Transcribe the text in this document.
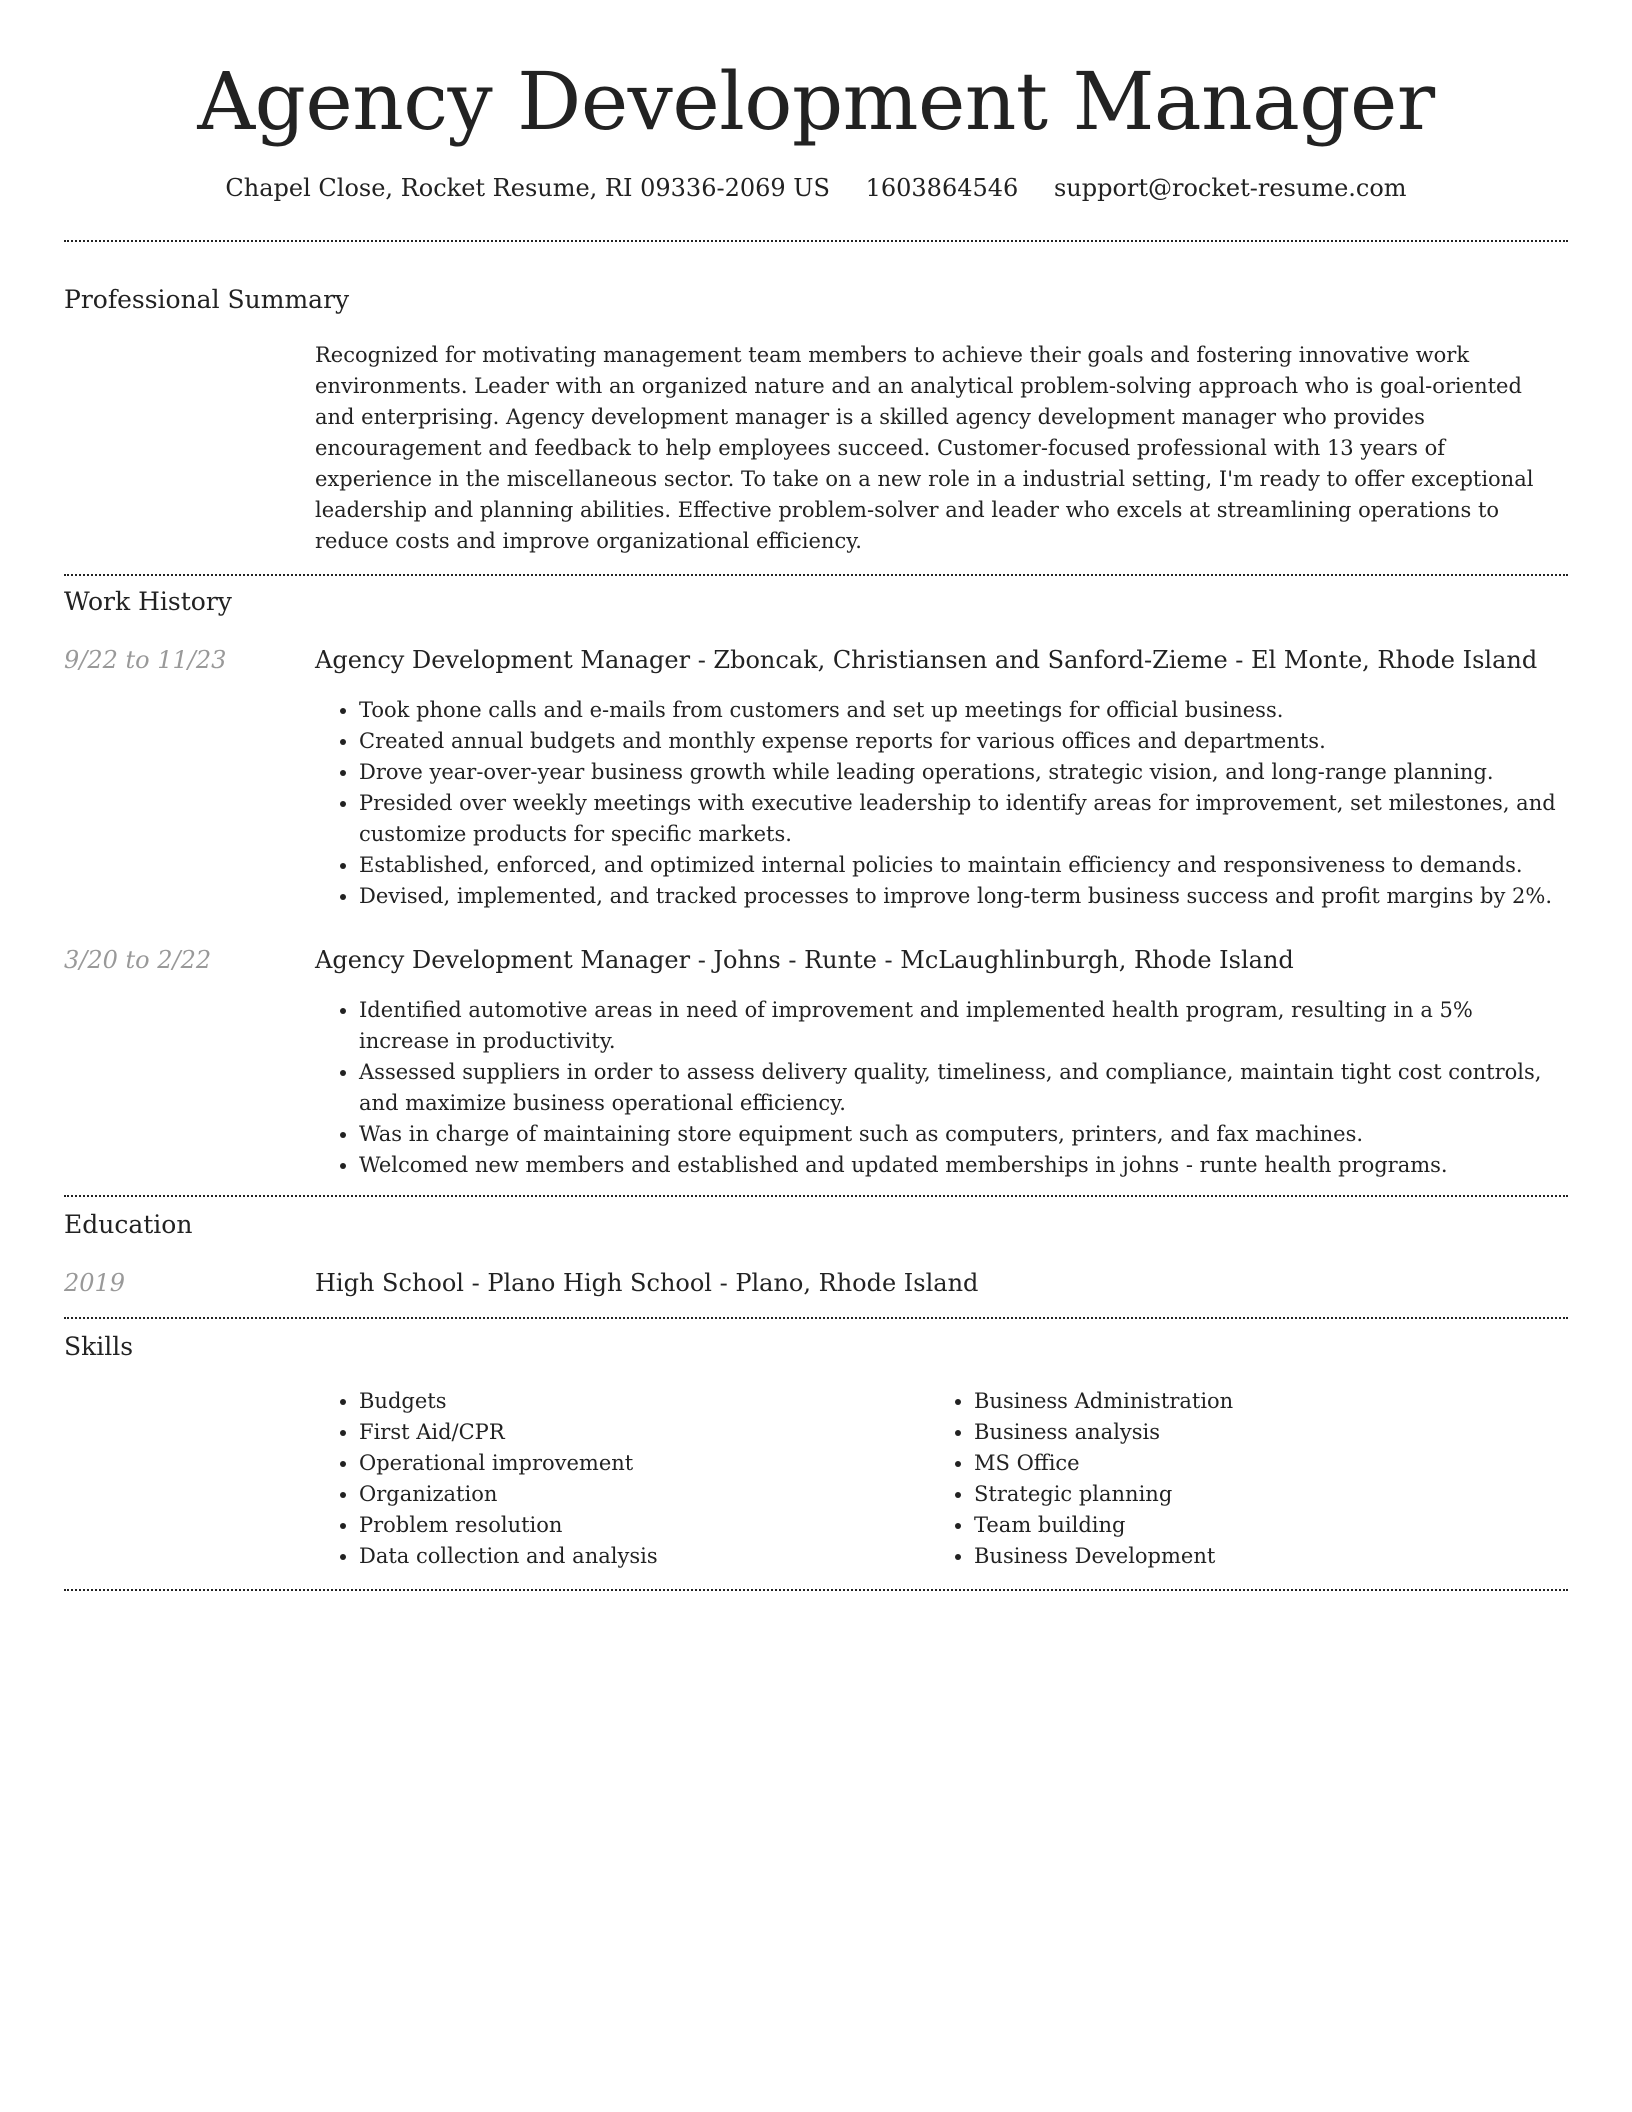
Agency Development Manager
Chapel Close, Rocket Resume, RI 09336-2069 US 1603864546 support@rocket-resume.com
Professional Summary
Recognized for motivating management team members to achieve their goals and fostering innovative work environments. Leader with an organized nature and an analytical problem-solving approach who is goal-oriented and enterprising. Agency development manager is a skilled agency development manager who provides encouragement and feedback to help employees succeed. Customer-focused professional with 13 years of experience in the miscellaneous sector. To take on a new role in a industrial setting, I'm ready to offer exceptional leadership and planning abilities. Effective problem-solver and leader who excels at streamlining operations to reduce costs and improve organizational efficiency.
Work History
9/22 to 11/23	Agency Development Manager - Zboncak, Christiansen and Sanford-Zieme - El Monte, Rhode Island
• Took phone calls and e-mails from customers and set up meetings for official business.
• Created annual budgets and monthly expense reports for various offices and departments.
• Drove year-over-year business growth while leading operations, strategic vision, and long-range planning.
• Presided over weekly meetings with executive leadership to identify areas for improvement, set milestones, and customize products for specific markets.
• Established, enforced, and optimized internal policies to maintain efficiency and responsiveness to demands.
• Devised, implemented, and tracked processes to improve long-term business success and profit margins by 2%.
3/20 to 2/22	Agency Development Manager - Johns - Runte - McLaughlinburgh, Rhode Island
• Identified automotive areas in need of improvement and implemented health program, resulting in a 5% increase in productivity.
• Assessed suppliers in order to assess delivery quality, timeliness, and compliance, maintain tight cost controls, and maximize business operational efficiency.
• Was in charge of maintaining store equipment such as computers, printers, and fax machines.
• Welcomed new members and established and updated memberships in johns - runte health programs.
Education
2019	High School - Plano High School - Plano, Rhode Island
Skills
• Budgets
• First Aid/CPR
• Operational improvement
• Organization
• Problem resolution
• Data collection and analysis
• Business Administration
• Business analysis
• MS Office
• Strategic planning
• Team building
• Business Development
